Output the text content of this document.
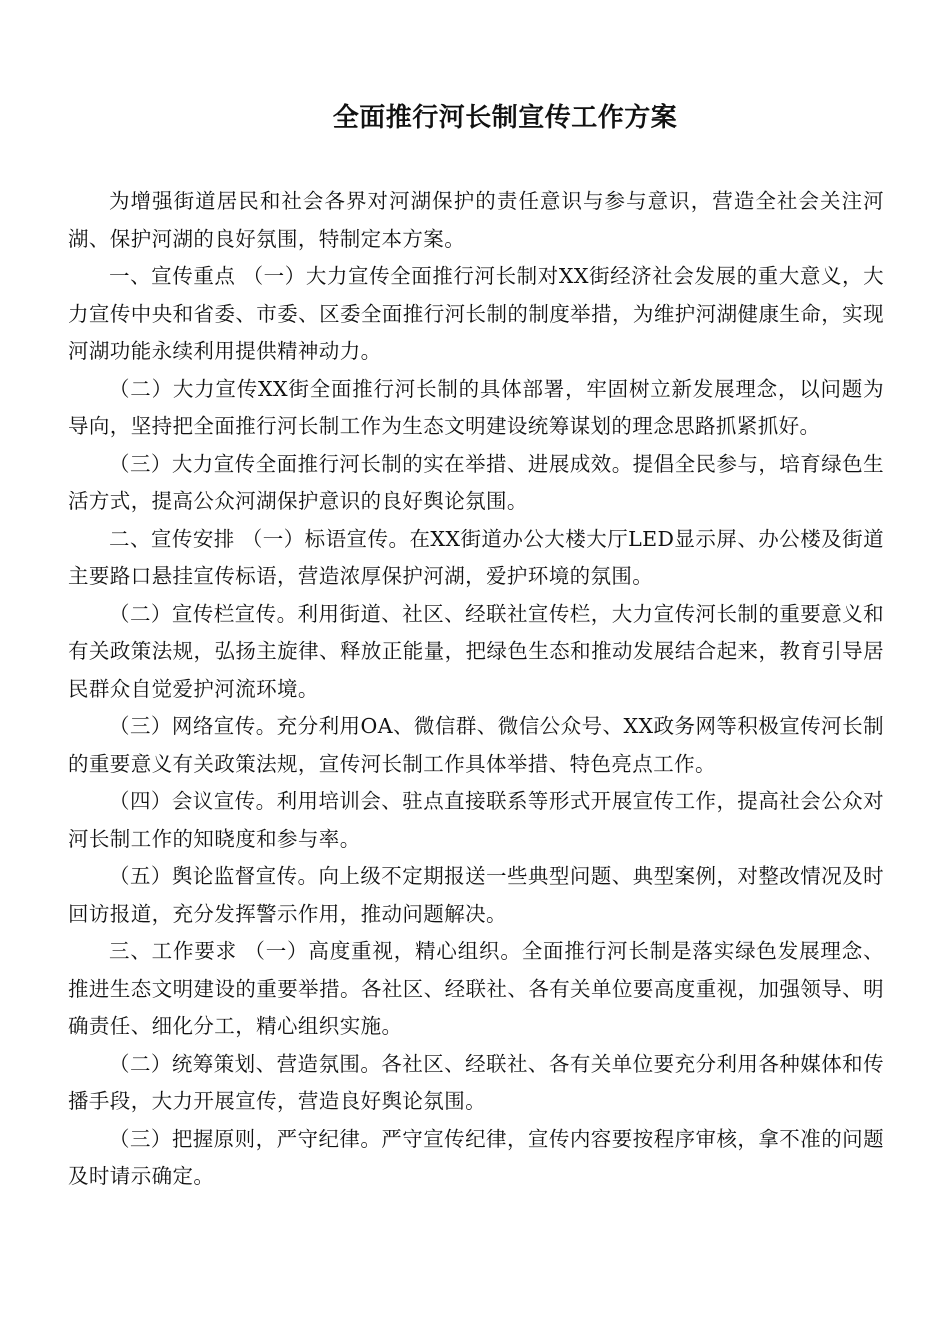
全面推行河长制宣传工作方案

为增强街道居民和社会各界对河湖保护的责任意识与参与意识，营造全社会关注河湖、保护河湖的良好氛围，特制定本方案。

一、宣传重点 （一）大力宣传全面推行河长制对XX街经济社会发展的重大意义，大力宣传中央和省委、市委、区委全面推行河长制的制度举措，为维护河湖健康生命，实现河湖功能永续利用提供精神动力。

（二）大力宣传XX街全面推行河长制的具体部署，牢固树立新发展理念，以问题为导向，坚持把全面推行河长制工作为生态文明建设统筹谋划的理念思路抓紧抓好。

（三）大力宣传全面推行河长制的实在举措、进展成效。提倡全民参与，培育绿色生活方式，提高公众河湖保护意识的良好舆论氛围。

二、宣传安排 （一）标语宣传。在XX街道办公大楼大厅LED显示屏、办公楼及街道主要路口悬挂宣传标语，营造浓厚保护河湖，爱护环境的氛围。

（二）宣传栏宣传。利用街道、社区、经联社宣传栏，大力宣传河长制的重要意义和有关政策法规，弘扬主旋律、释放正能量，把绿色生态和推动发展结合起来，教育引导居民群众自觉爱护河流环境。

（三）网络宣传。充分利用OA、微信群、微信公众号、XX政务网等积极宣传河长制的重要意义有关政策法规，宣传河长制工作具体举措、特色亮点工作。

（四）会议宣传。利用培训会、驻点直接联系等形式开展宣传工作，提高社会公众对河长制工作的知晓度和参与率。

（五）舆论监督宣传。向上级不定期报送一些典型问题、典型案例，对整改情况及时回访报道，充分发挥警示作用，推动问题解决。

三、工作要求 （一）高度重视，精心组织。全面推行河长制是落实绿色发展理念、推进生态文明建设的重要举措。各社区、经联社、各有关单位要高度重视，加强领导、明确责任、细化分工，精心组织实施。

（二）统筹策划、营造氛围。各社区、经联社、各有关单位要充分利用各种媒体和传播手段，大力开展宣传，营造良好舆论氛围。

（三）把握原则，严守纪律。严守宣传纪律，宣传内容要按程序审核，拿不准的问题及时请示确定。
